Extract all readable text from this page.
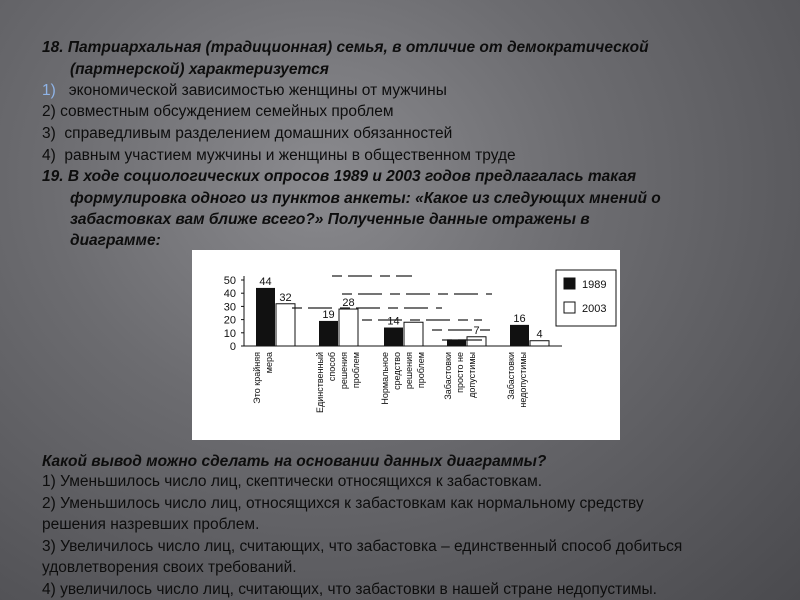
18. Патриархальная (традиционная) семья, в отличие от демократической
(партнерской) характеризуется
1) экономической зависимостью женщины от мужчины
2) совместным обсуждением семейных проблем
3) справедливым разделением домашних обязанностей
4) равным участием мужчины и женщины в общественном труде
19. В ходе социологических опросов 1989 и 2003 годов предлагалась такая
формулировка одного из пунктов анкеты: «Какое из следующих мнений о
забастовках вам ближе всего?» Полученные данные отражены в
диаграмме:
0
10
20
30
40
50 44
32
Это крайняя мера
19
28
Единственный способ решения проблем
14
Нормальное средство решения проблем
7
Забастовки просто не допустимы
16
4
Забастовки недопустимы
1989
2003
Какой вывод можно сделать на основании данных диаграммы?
1) Уменьшилось число лиц, скептически относящихся к забастовкам.
2) Уменьшилось число лиц, относящихся к забастовкам как нормальному средству
решения назревших проблем.
3) Увеличилось число лиц, считающих, что забастовка – единственный способ добиться
удовлетворения своих требований.
4) увеличилось число лиц, считающих, что забастовки в нашей стране недопустимы.
